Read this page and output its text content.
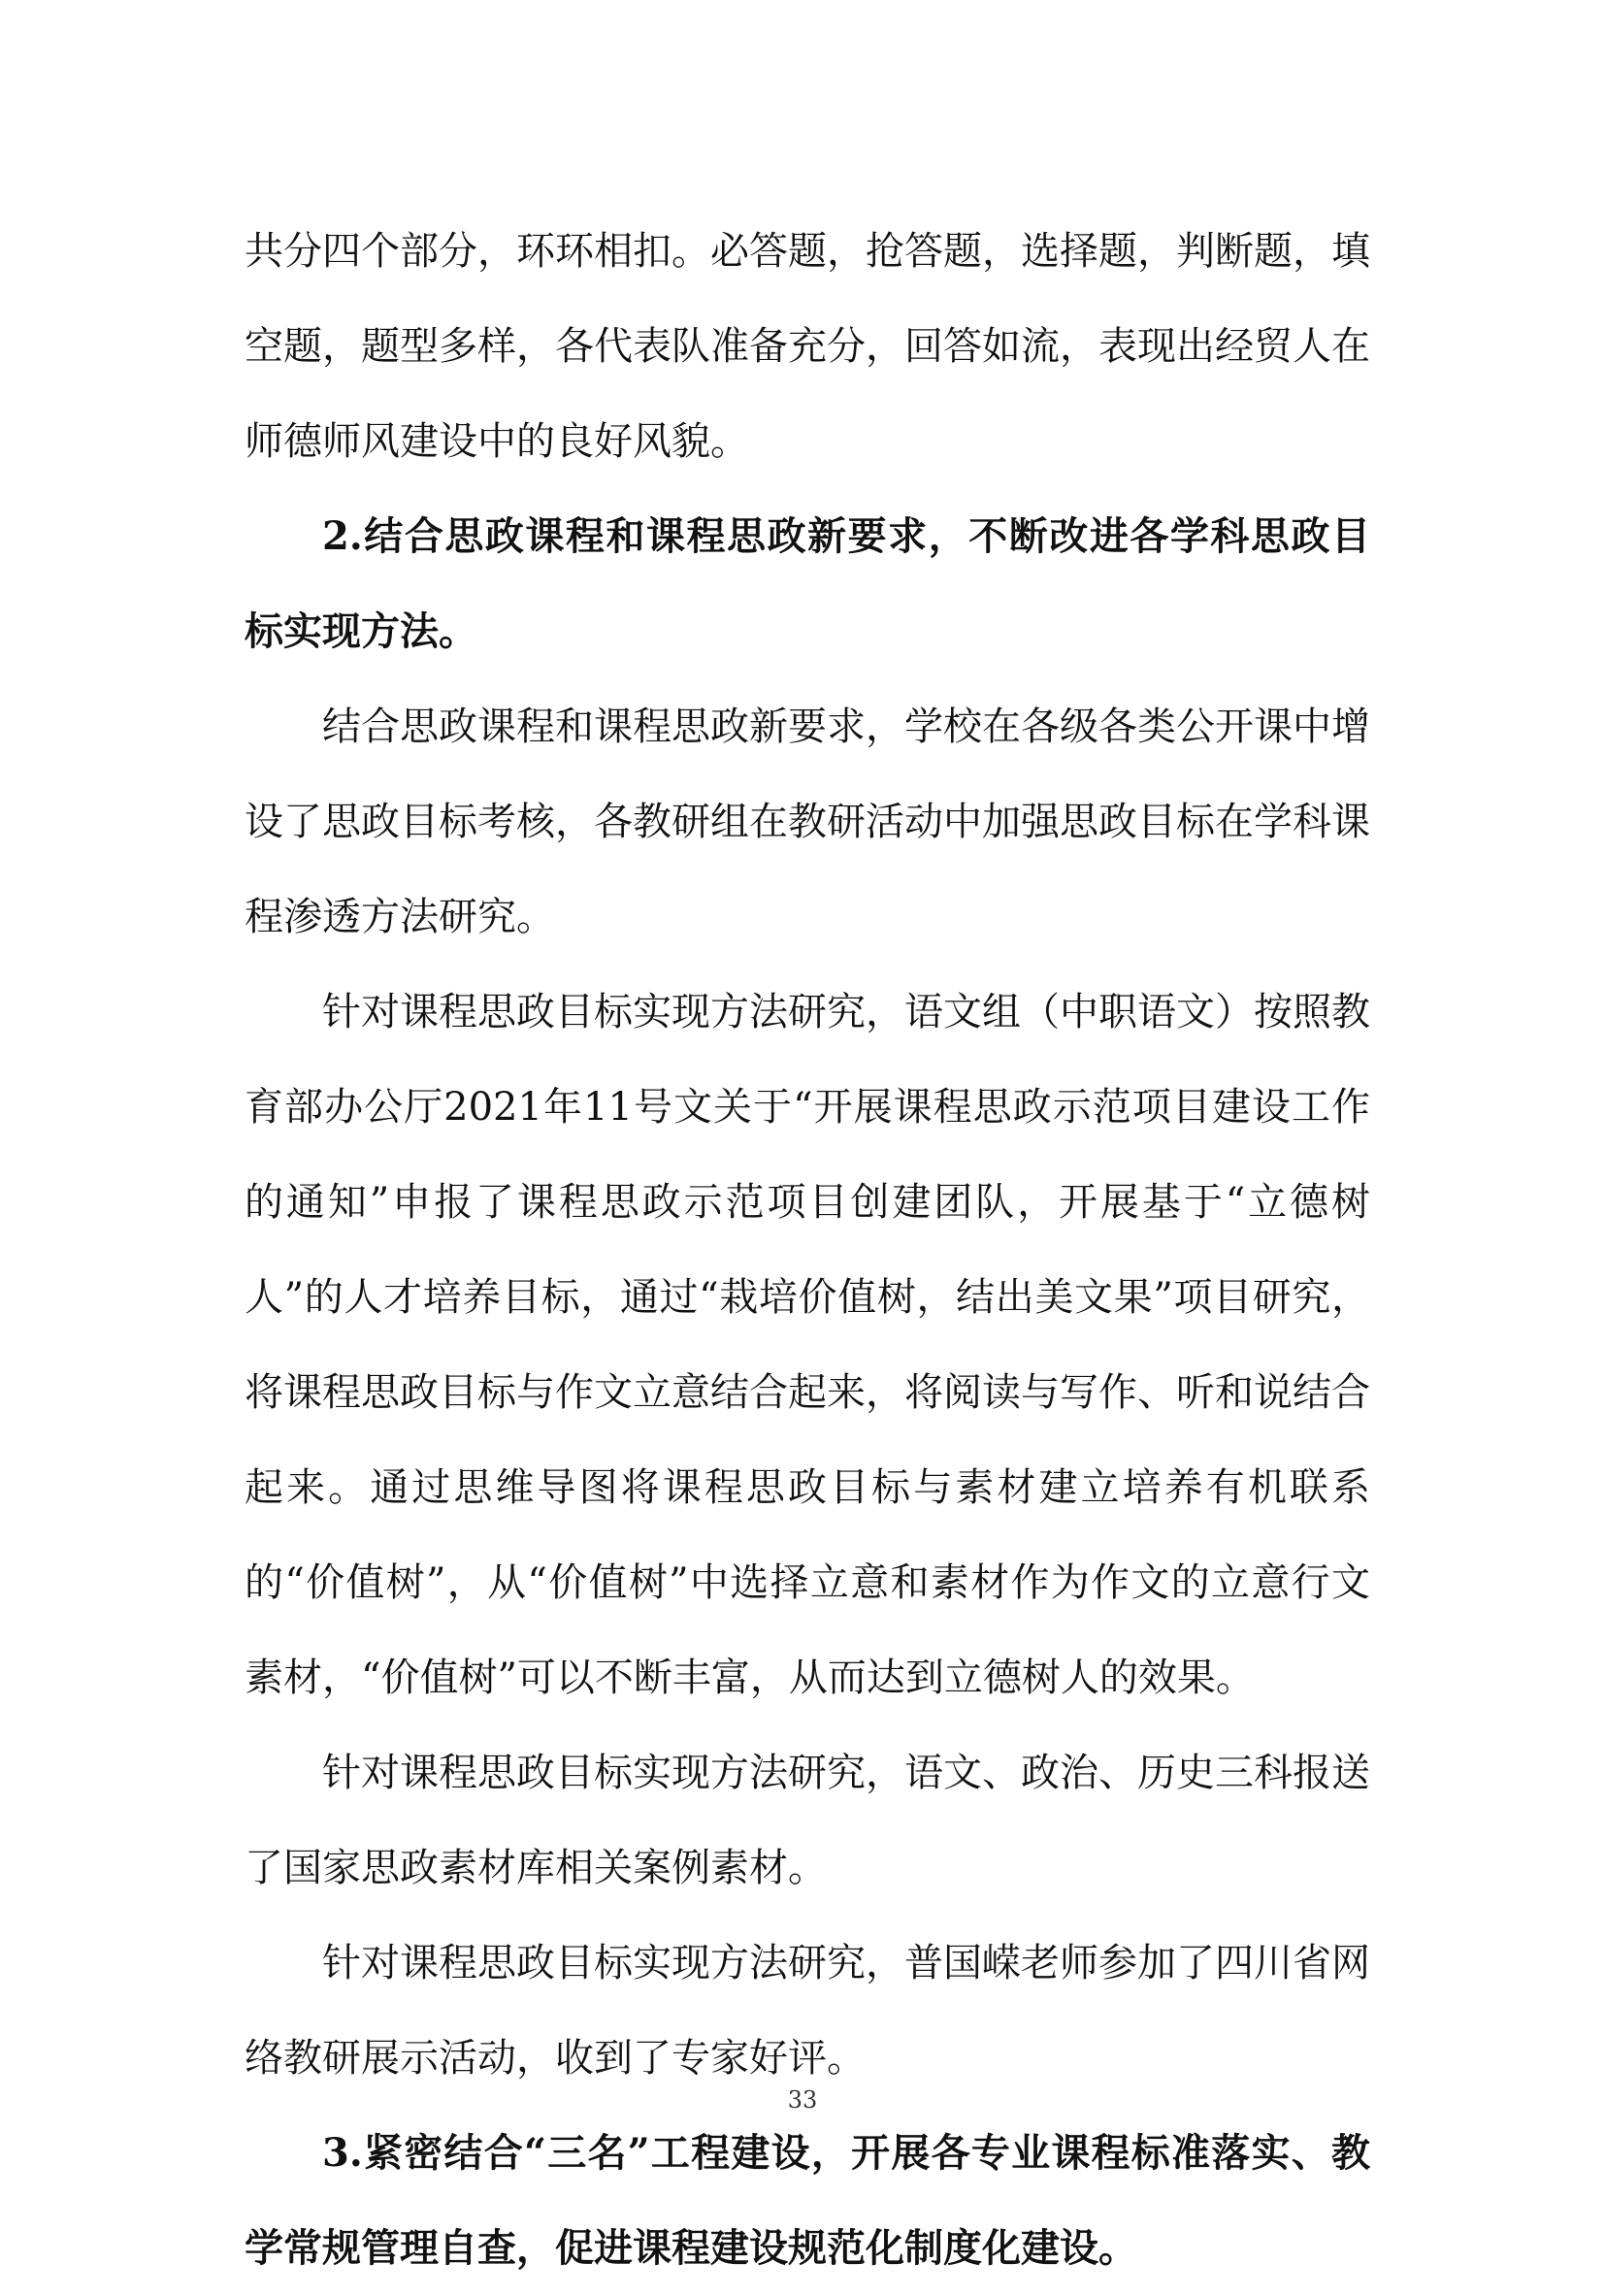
共分四个部分，环环相扣。必答题，抢答题，选择题，判断题，填空题，题型多样，各代表队准备充分，回答如流，表现出经贸人在师德师风建设中的良好风貌。

2.结合思政课程和课程思政新要求，不断改进各学科思政目标实现方法。

结合思政课程和课程思政新要求，学校在各级各类公开课中增设了思政目标考核，各教研组在教研活动中加强思政目标在学科课程渗透方法研究。

针对课程思政目标实现方法研究，语文组（中职语文）按照教育部办公厅2021年11号文关于“开展课程思政示范项目建设工作的通知”申报了课程思政示范项目创建团队，开展基于“立德树人”的人才培养目标，通过“栽培价值树，结出美文果”项目研究，将课程思政目标与作文立意结合起来，将阅读与写作、听和说结合起来。通过思维导图将课程思政目标与素材建立培养有机联系的“价值树”，从“价值树”中选择立意和素材作为作文的立意行文素材，“价值树”可以不断丰富，从而达到立德树人的效果。

针对课程思政目标实现方法研究，语文、政治、历史三科报送了国家思政素材库相关案例素材。

针对课程思政目标实现方法研究，普国嵘老师参加了四川省网络教研展示活动，收到了专家好评。

3.紧密结合“三名”工程建设，开展各专业课程标准落实、教学常规管理自查，促进课程建设规范化制度化建设。

33
